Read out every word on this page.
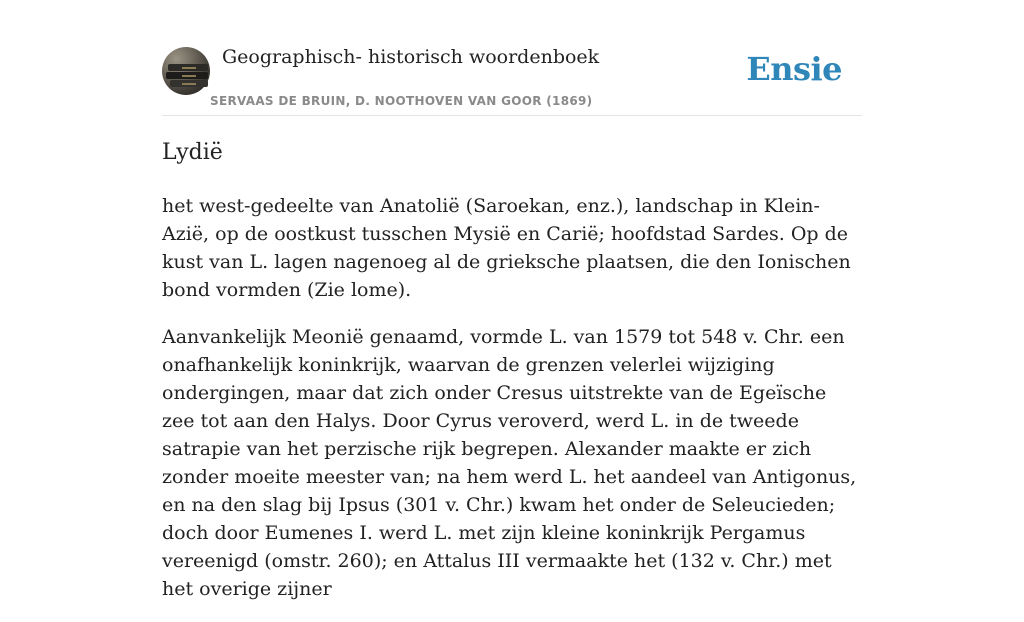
Geographisch- historisch woordenboek
SERVAAS DE BRUIN, D. NOOTHOVEN VAN GOOR (1869)
Ensie
Lydië

het west-gedeelte van Anatolië (Saroekan, enz.), landschap in Klein-Azië, op de oostkust tusschen Mysië en Carië; hoofdstad Sardes. Op de kust van L. lagen nagenoeg al de grieksche plaatsen, die den Ionischen bond vormden (Zie lome).

Aanvankelijk Meonië genaamd, vormde L. van 1579 tot 548 v. Chr. een onafhankelijk koninkrijk, waarvan de grenzen velerlei wijziging ondergingen, maar dat zich onder Cresus uitstrekte van de Egeïsche zee tot aan den Halys. Door Cyrus veroverd, werd L. in de tweede satrapie van het perzische rijk begrepen. Alexander maakte er zich zonder moeite meester van; na hem werd L. het aandeel van Antigonus, en na den slag bij Ipsus (301 v. Chr.) kwam het onder de Seleucieden; doch door Eumenes I. werd L. met zijn kleine koninkrijk Pergamus vereenigd (omstr. 260); en Attalus III vermaakte het (132 v. Chr.) met het overige zijner
